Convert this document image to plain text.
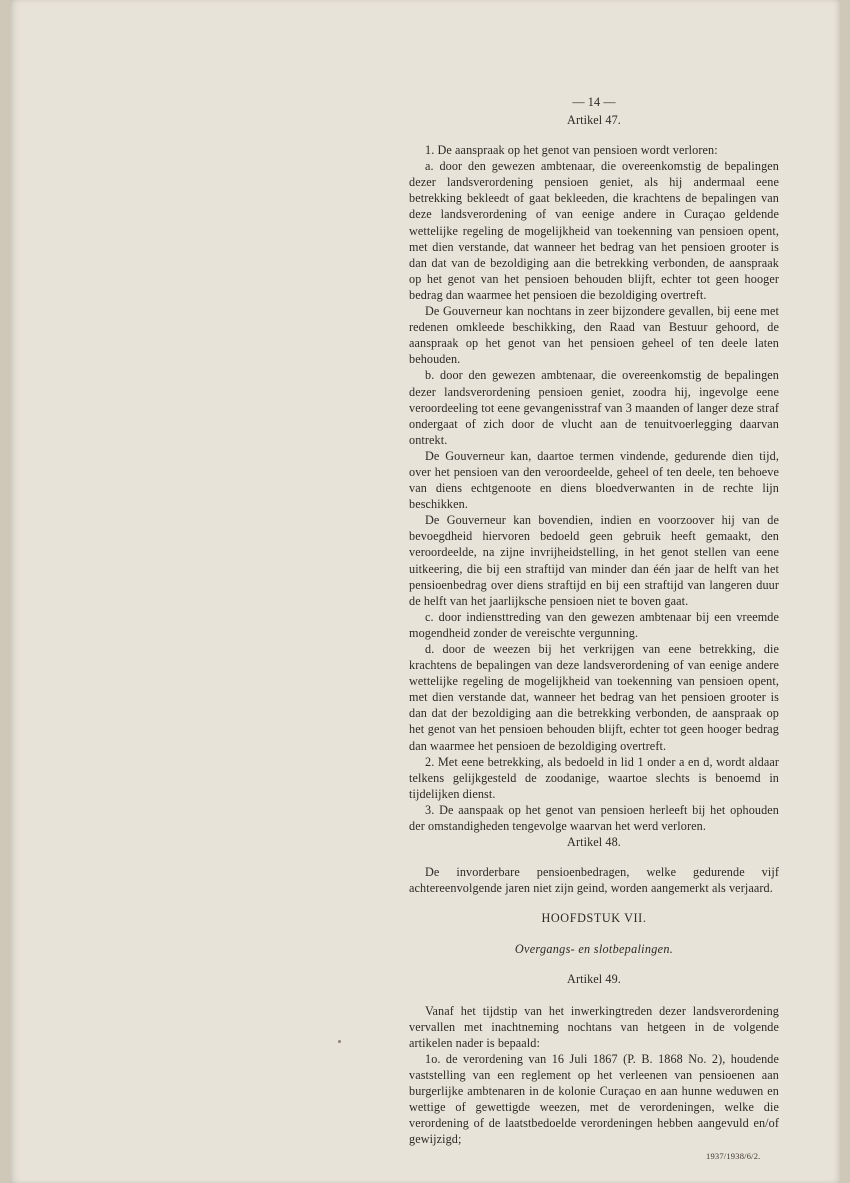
— 14 —
Artikel 47.

1. De aanspraak op het genot van pensioen wordt verloren:

a. door den gewezen ambtenaar, die overeenkomstig de bepalingen dezer landsverordening pensioen geniet, als hij andermaal eene betrekking bekleedt of gaat bekleeden, die krachtens de bepalingen van deze landsverordening of van eenige andere in Curaçao geldende wettelijke regeling de mogelijkheid van toekenning van pensioen opent, met dien verstande, dat wanneer het bedrag van het pensioen grooter is dan dat van de bezoldiging aan die betrekking verbonden, de aanspraak op het genot van het pensioen behouden blijft, echter tot geen hooger bedrag dan waarmee het pensioen die bezoldiging overtreft.

De Gouverneur kan nochtans in zeer bijzondere gevallen, bij eene met redenen omkleede beschikking, den Raad van Bestuur gehoord, de aanspraak op het genot van het pensioen geheel of ten deele laten behouden.

b. door den gewezen ambtenaar, die overeenkomstig de bepalingen dezer landsverordening pensioen geniet, zoodra hij, ingevolge eene veroordeeling tot eene gevangenisstraf van 3 maanden of langer deze straf ondergaat of zich door de vlucht aan de tenuitvoerlegging daarvan ontrekt.

De Gouverneur kan, daartoe termen vindende, gedurende dien tijd, over het pensioen van den veroordeelde, geheel of ten deele, ten behoeve van diens echtgenoote en diens bloedverwanten in de rechte lijn beschikken.

De Gouverneur kan bovendien, indien en voorzoover hij van de bevoegdheid hiervoren bedoeld geen gebruik heeft gemaakt, den veroordeelde, na zijne invrijheidstelling, in het genot stellen van eene uitkeering, die bij een straftijd van minder dan één jaar de helft van het pensioenbedrag over diens straftijd en bij een straftijd van langeren duur de helft van het jaarlijksche pensioen niet te boven gaat.

c. door indiensttreding van den gewezen ambtenaar bij een vreemde mogendheid zonder de vereischte vergunning.

d. door de weezen bij het verkrijgen van eene betrekking, die krachtens de bepalingen van deze landsverordening of van eenige andere wettelijke regeling de mogelijkheid van toekenning van pensioen opent, met dien verstande dat, wanneer het bedrag van het pensioen grooter is dan dat der bezoldiging aan die betrekking verbonden, de aanspraak op het genot van het pensioen behouden blijft, echter tot geen hooger bedrag dan waarmee het pensioen de bezoldiging overtreft.

2. Met eene betrekking, als bedoeld in lid 1 onder a en d, wordt aldaar telkens gelijkgesteld de zoodanige, waartoe slechts is benoemd in tijdelijken dienst.

3. De aanspaak op het genot van pensioen herleeft bij het ophouden der omstandigheden tengevolge waarvan het werd verloren.

Artikel 48.

De invorderbare pensioenbedragen, welke gedurende vijf achtereenvolgende jaren niet zijn geind, worden aangemerkt als verjaard.

HOOFDSTUK VII.
Overgangs- en slotbepalingen.
Artikel 49.

Vanaf het tijdstip van het inwerkingtreden dezer landsverordening vervallen met inachtneming nochtans van hetgeen in de volgende artikelen nader is bepaald:

1o. de verordening van 16 Juli 1867 (P. B. 1868 No. 2), houdende vaststelling van een reglement op het verleenen van pensioenen aan burgerlijke ambtenaren in de kolonie Curaçao en aan hunne weduwen en wettige of gewettigde weezen, met de verordeningen, welke die verordening of de laatstbedoelde verordeningen hebben aangevuld en/of gewijzigd;

1937/1938/6/2.
